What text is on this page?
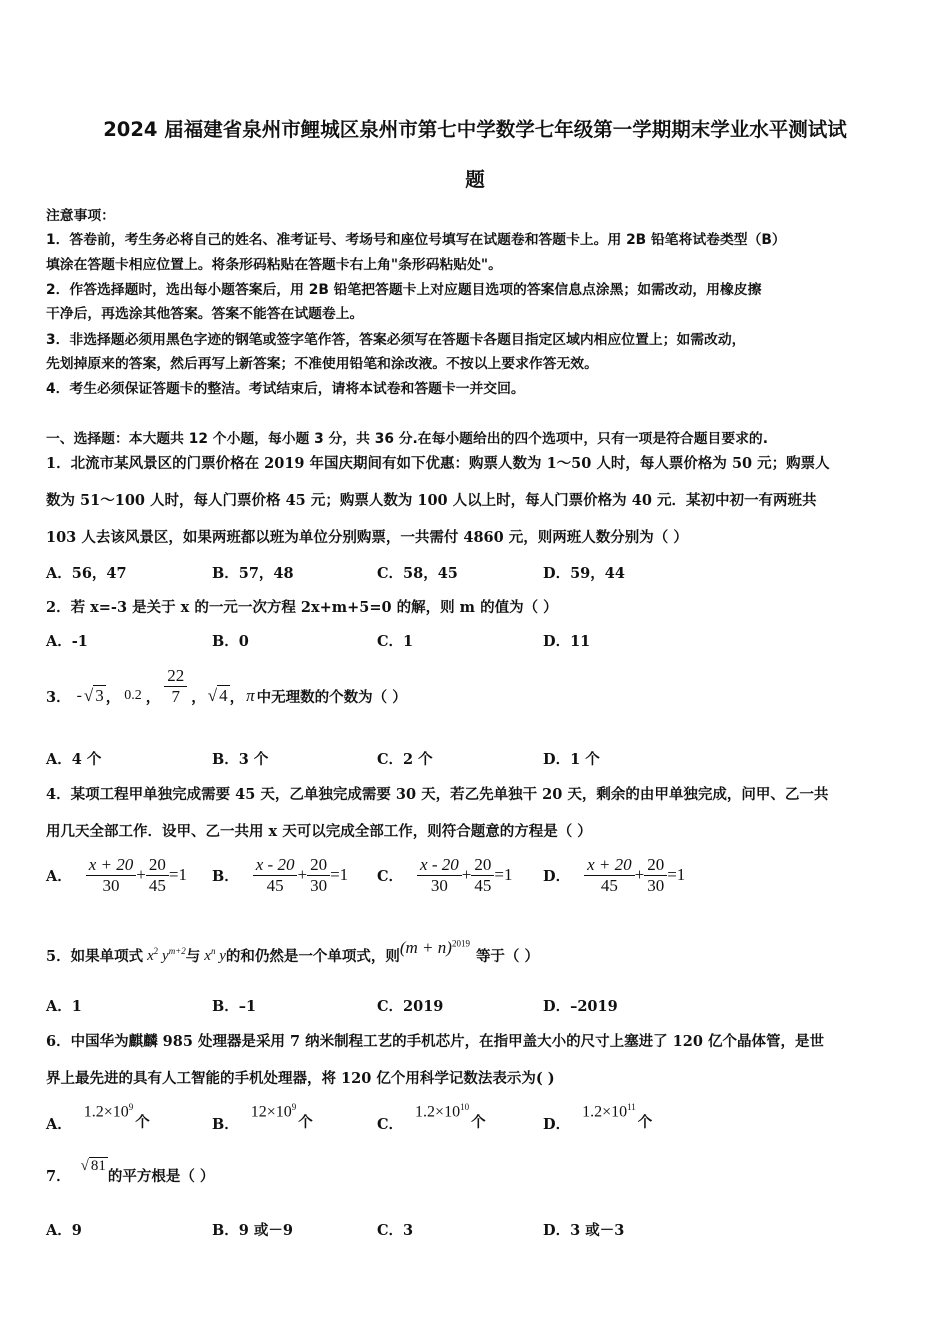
2024 届福建省泉州市鲤城区泉州市第七中学数学七年级第一学期期末学业水平测试试
题
注意事项：
1．答卷前，考生务必将自己的姓名、准考证号、考场号和座位号填写在试题卷和答题卡上。用 2B 铅笔将试卷类型（B）
填涂在答题卡相应位置上。将条形码粘贴在答题卡右上角"条形码粘贴处"。
2．作答选择题时，选出每小题答案后，用 2B 铅笔把答题卡上对应题目选项的答案信息点涂黑；如需改动，用橡皮擦
干净后，再选涂其他答案。答案不能答在试题卷上。
3．非选择题必须用黑色字迹的钢笔或签字笔作答，答案必须写在答题卡各题目指定区域内相应位置上；如需改动，
先划掉原来的答案，然后再写上新答案；不准使用铅笔和涂改液。不按以上要求作答无效。
4．考生必须保证答题卡的整洁。考试结束后，请将本试卷和答题卡一并交回。
一、选择题：本大题共 12 个小题，每小题 3 分，共 36 分.在每小题给出的四个选项中，只有一项是符合题目要求的.
1．北流市某风景区的门票价格在 2019 年国庆期间有如下优惠：购票人数为 1～50 人时，每人票价格为 50 元；购票人
数为 51～100 人时，每人门票价格 45 元；购票人数为 100 人以上时，每人门票价格为 40 元．某初中初一有两班共
103 人去该风景区，如果两班都以班为单位分别购票，一共需付 4860 元，则两班人数分别为（ ）
A．56，47	B．57，48	C．58，45	D．59，44
2．若 x=-3 是关于 x 的一元一次方程 2x+m+5=0 的解，则 m 的值为（ ）
A．-1	B．0	C．1	D．11
3． - √ 3 ， 0.2 ， $\frac{22}{7}$ ， √ 4 ， π 中无理数的个数为（ ）
A．4 个	B．3 个	C．2 个	D．1 个
4．某项工程甲单独完成需要 45 天，乙单独完成需要 30 天，若乙先单独干 20 天，剩余的由甲单独完成，问甲、乙一共
用几天全部工作．设甲、乙一共用 x 天可以完成全部工作，则符合题意的方程是（ ）
A． $\frac{x + 20}{30} + \frac{20}{45} =1$ B． $\frac{x - 20}{45} + \frac{20}{30} =1$ C． $\frac{x - 20}{30} + \frac{20}{45} =1$ D． $\frac{x + 20}{45} + \frac{20}{30} =1$
5．如果单项式 $x^2$ $y^{m+2}$ 与 $x^n$ y 的和仍然是一个单项式，则 $(m + n)^{2019}$
等于（ ）
A．1	B．–1	C．2019	D．–2019
6．中国华为麒麟 985 处理器是采用 7 纳米制程工艺的手机芯片，在指甲盖大小的尺寸上塞进了 120 亿个晶体管，是世
界上最先进的具有人工智能的手机处理器，将 120 亿个用科学记数法表示为( )
A．
$1.2\times 10^9$
个	B．
$12\times 10^9$
个	C．
$1.2\times 10^{10}$
个	D．
$1.2\times 10^{11}$
个
7．
√ 81
的平方根是（ ）
A．9	B．9 或－9	C．3	D．3 或－3
